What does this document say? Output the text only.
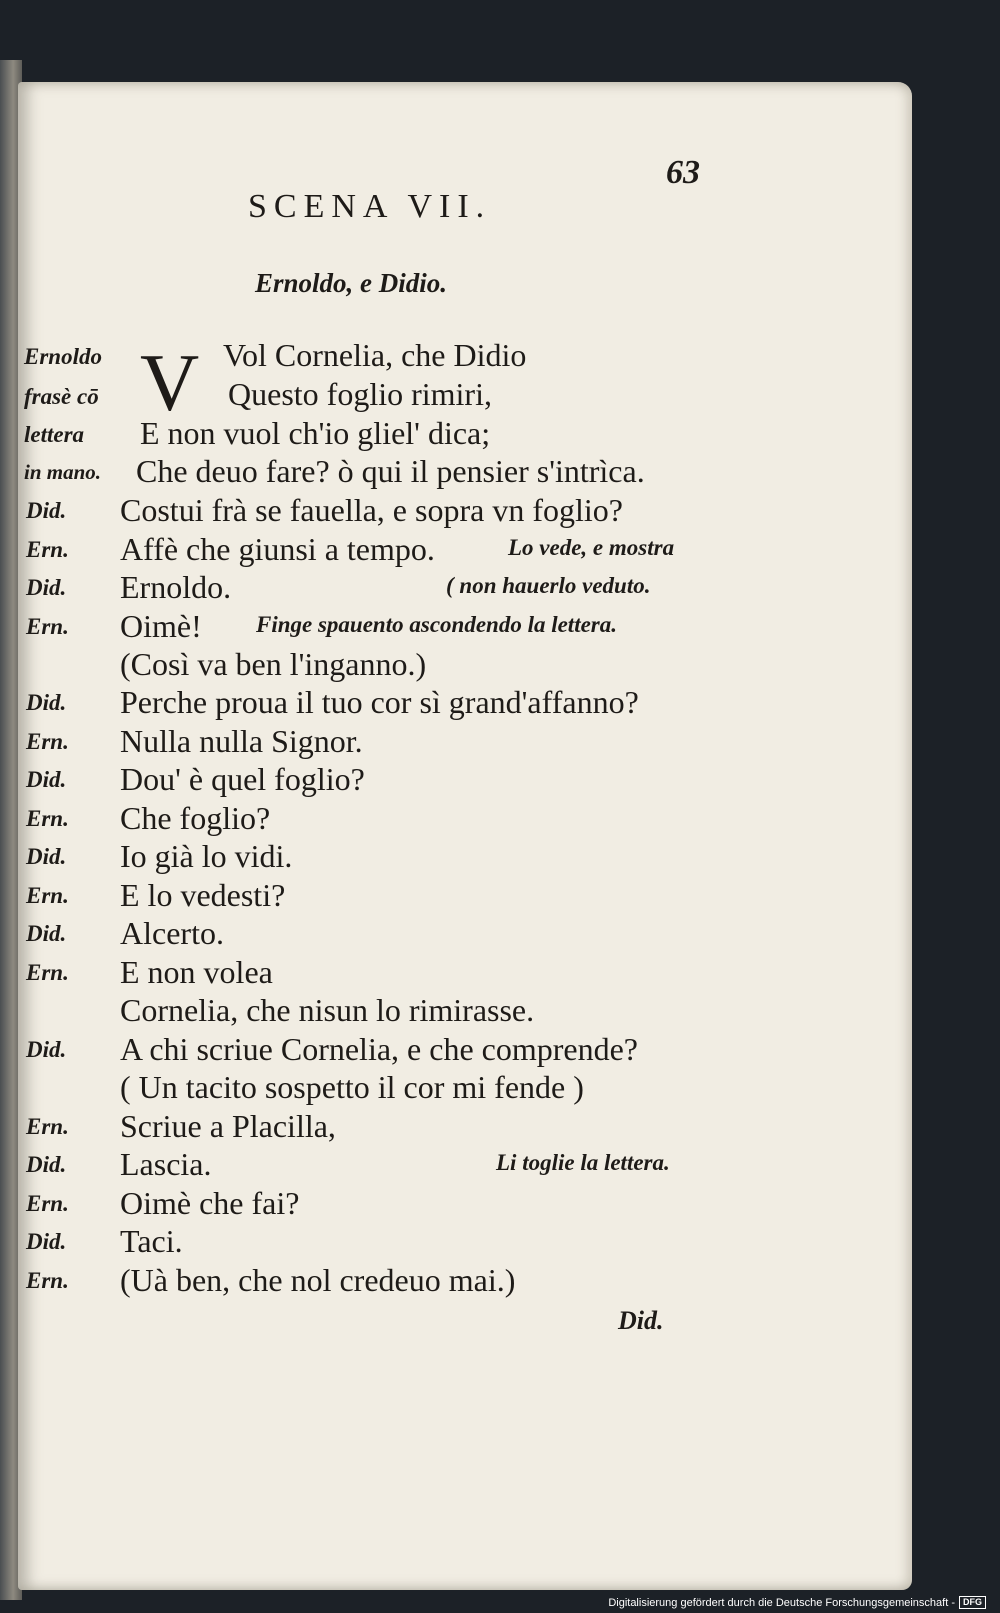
63
SCENA VII.
Ernoldo, e Didio.
Ernoldo
frasè cō
lettera
in mano.
V Vol Cornelia, che Didio
Questo foglio rimiri,
E non vuol ch'io gliel' dica;
Che deuo fare? ò qui il pensier s'intrìca.
Did. Costui frà se fauella, e sopra vn foglio?
Ern. Affè che giunsi a tempo.	Lo vede, e mostra
Did. Ernoldo.	( non hauerlo veduto.
Ern. Oimè! Finge spauento ascondendo la lettera.
(Così va ben l'inganno.)
Did. Perche proua il tuo cor sì grand'affanno?
Ern. Nulla nulla Signor.
Did. Dou' è quel foglio?
Ern. Che foglio?
Did. Io già lo vidi.
Ern. E lo vedesti?
Did. Alcerto.
Ern. E non volea
Cornelia, che nisun lo rimirasse.
Did. A chi scriue Cornelia, e che comprende?
( Un tacito sospetto il cor mi fende )
Ern. Scriue a Placilla,
Did. Lascia.	Li toglie la lettera.
Ern. Oimè che fai?
Did. Taci.
Ern. (Uà ben, che nol credeuo mai.)
Did.
Digitalisierung gefördert durch die Deutsche Forschungsgemeinschaft - DFG
